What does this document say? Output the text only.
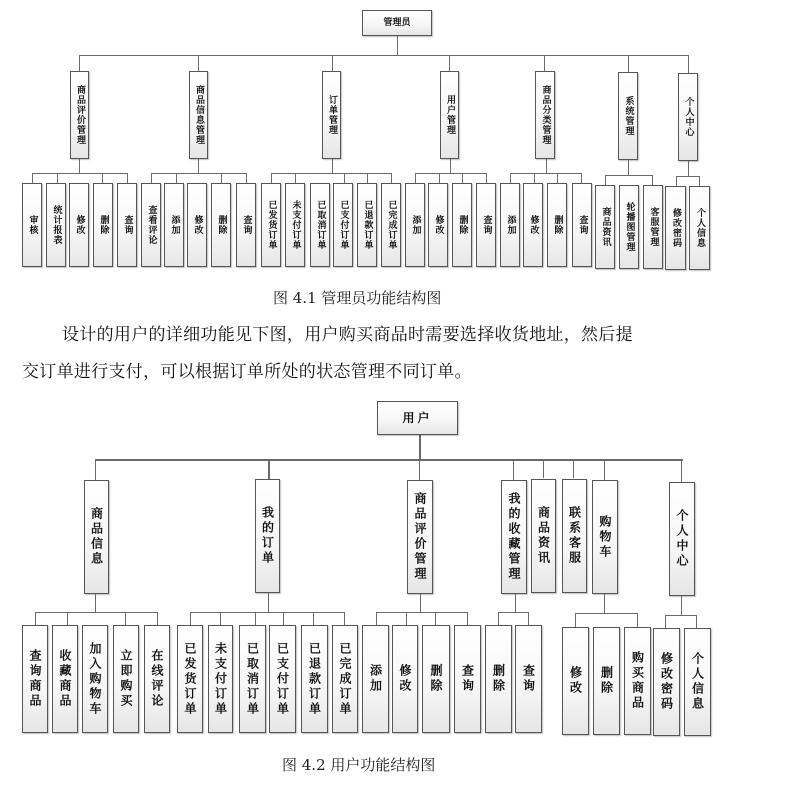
管理员
商品评价管理	商品信息管理	订单管理	用户管理	商品分类管理	系统管理	个人中心
审核 统计报表 修改 删除 查询 查看评论 添加 修改 删除 查询 已发货订单 未支付订单 已取消订单 已支付订单 已退款订单 已完成订单 添加 修改 删除 查询 添加 修改 删除 查询 商品资讯 轮播图管理 客服管理 修改密码 个人信息
图 4.1 管理员功能结构图
设计的用户的详细功能见下图，用户购买商品时需要选择收货地址，然后提
交订单进行支付，可以根据订单所处的状态管理不同订单。
用户
商品信息	我的订单	商品评价管理	我的收藏管理 商品资讯 联系客服 购物车	个人中心
查询商品 收藏商品 加入购物车 立即购买 在线评论 已发货订单 未支付订单 已取消订单 已支付订单 已退款订单 已完成订单 添加 修改 删除 查询 删除 查询	修改 删除 购买商品 修改密码 个人信息
图 4.2 用户功能结构图
